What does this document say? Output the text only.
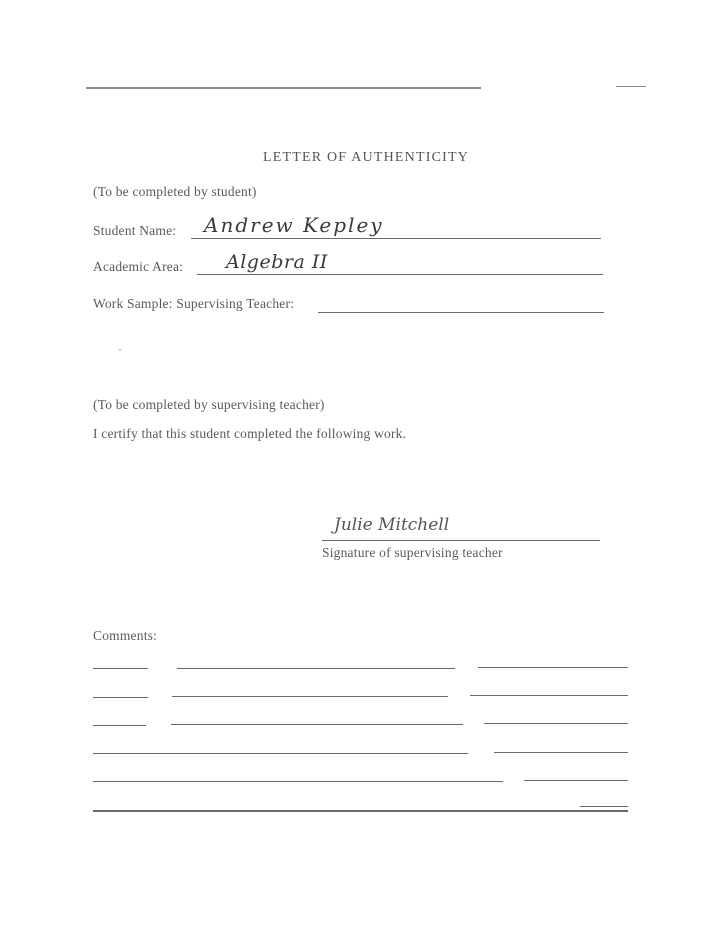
LETTER OF AUTHENTICITY
(To be completed by student)
Student Name: Andrew Kepley
Academic Area: Algebra II
Work Sample: Supervising Teacher:
(To be completed by supervising teacher)
I certify that this student completed the following work.
Julie Mitchell
Signature of supervising teacher
Comments:
